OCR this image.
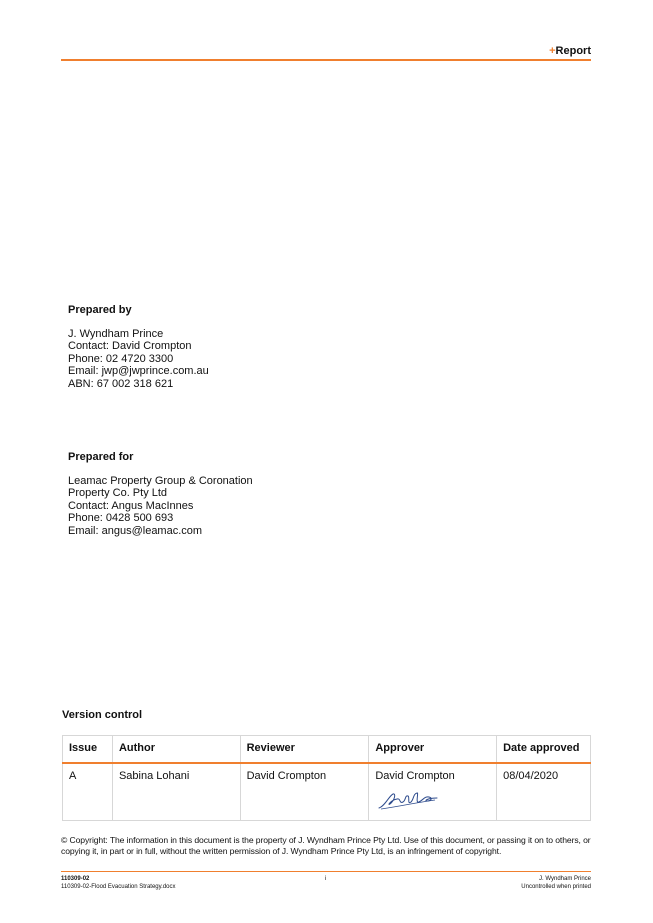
+Report
Prepared by
J. Wyndham Prince
Contact: David Crompton
Phone: 02 4720 3300
Email: jwp@jwprince.com.au
ABN: 67 002 318 621
Prepared for
Leamac Property Group & Coronation
Property Co. Pty Ltd
Contact: Angus MacInnes
Phone: 0428 500 693
Email: angus@leamac.com
Version control
Issue	Author	Reviewer	Approver	Date approved
A	Sabina Lohani	David Crompton	David Crompton	08/04/2020
© Copyright: The information in this document is the property of J. Wyndham Prince Pty Ltd. Use of this document, or passing it on to others, or copying it, in part or in full, without the written permission of J. Wyndham Prince Pty Ltd, is an infringement of copyright.
110309-02
110309-02-Flood Evacuation Strategy.docx
i	J. Wyndham Prince
Uncontrolled when printed
